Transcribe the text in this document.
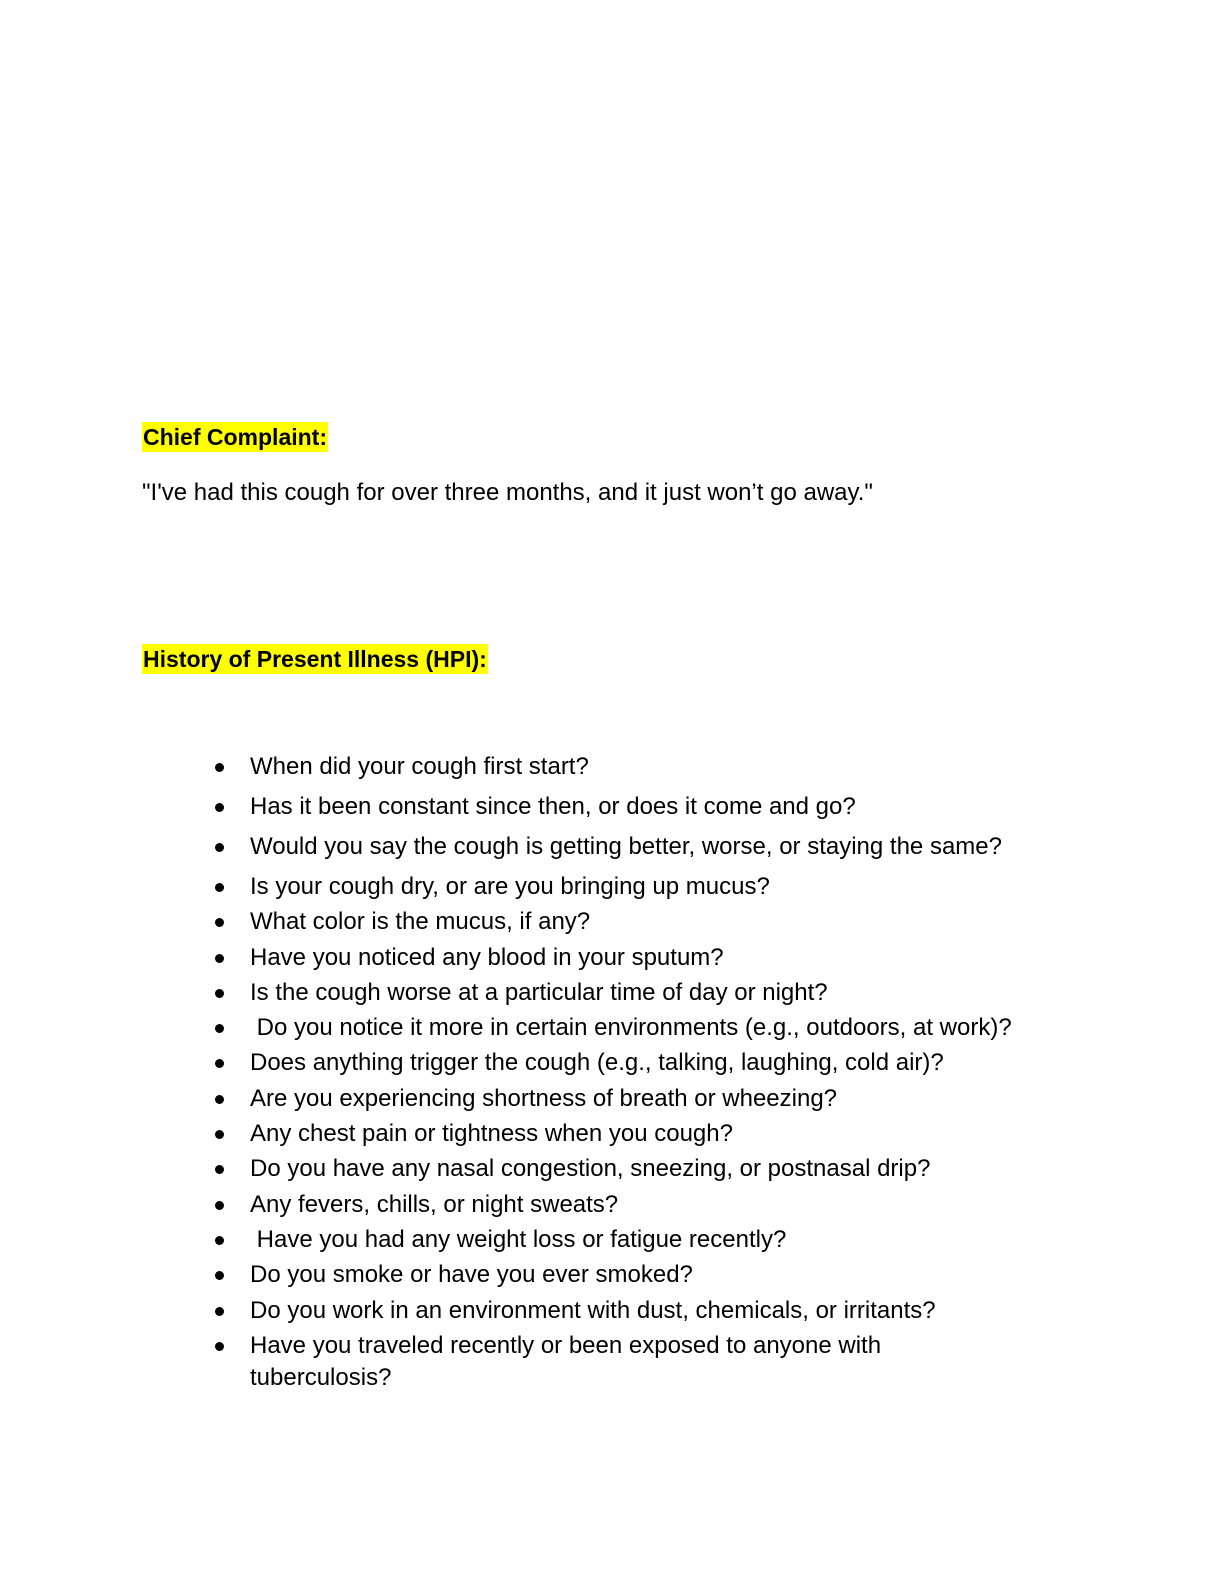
Chief Complaint:

"I've had this cough for over three months, and it just won’t go away."

History of Present Illness (HPI):
When did your cough first start?
Has it been constant since then, or does it come and go?
Would you say the cough is getting better, worse, or staying the same?
Is your cough dry, or are you bringing up mucus?
What color is the mucus, if any?
Have you noticed any blood in your sputum?
Is the cough worse at a particular time of day or night?
Do you notice it more in certain environments (e.g., outdoors, at work)?
Does anything trigger the cough (e.g., talking, laughing, cold air)?
Are you experiencing shortness of breath or wheezing?
Any chest pain or tightness when you cough?
Do you have any nasal congestion, sneezing, or postnasal drip?
Any fevers, chills, or night sweats?
Have you had any weight loss or fatigue recently?
Do you smoke or have you ever smoked?
Do you work in an environment with dust, chemicals, or irritants?
Have you traveled recently or been exposed to anyone with tuberculosis?
